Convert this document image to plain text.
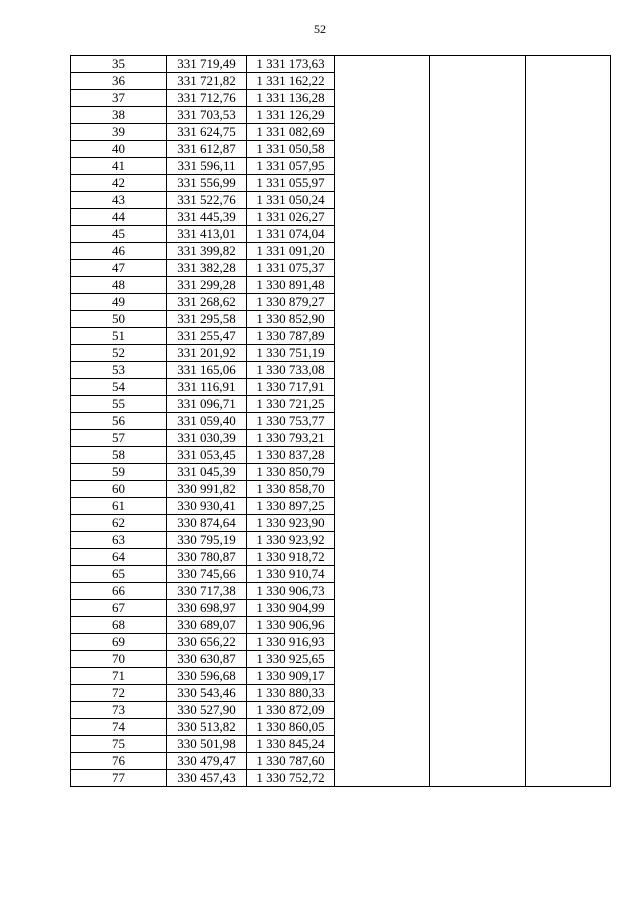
52
35	331 719,49	1 331 173,63			
36	331 721,82	1 331 162,22			
37	331 712,76	1 331 136,28			
38	331 703,53	1 331 126,29			
39	331 624,75	1 331 082,69			
40	331 612,87	1 331 050,58			
41	331 596,11	1 331 057,95			
42	331 556,99	1 331 055,97			
43	331 522,76	1 331 050,24			
44	331 445,39	1 331 026,27			
45	331 413,01	1 331 074,04			
46	331 399,82	1 331 091,20			
47	331 382,28	1 331 075,37			
48	331 299,28	1 330 891,48			
49	331 268,62	1 330 879,27			
50	331 295,58	1 330 852,90			
51	331 255,47	1 330 787,89			
52	331 201,92	1 330 751,19			
53	331 165,06	1 330 733,08			
54	331 116,91	1 330 717,91			
55	331 096,71	1 330 721,25			
56	331 059,40	1 330 753,77			
57	331 030,39	1 330 793,21			
58	331 053,45	1 330 837,28			
59	331 045,39	1 330 850,79			
60	330 991,82	1 330 858,70			
61	330 930,41	1 330 897,25			
62	330 874,64	1 330 923,90			
63	330 795,19	1 330 923,92			
64	330 780,87	1 330 918,72			
65	330 745,66	1 330 910,74			
66	330 717,38	1 330 906,73			
67	330 698,97	1 330 904,99			
68	330 689,07	1 330 906,96			
69	330 656,22	1 330 916,93			
70	330 630,87	1 330 925,65			
71	330 596,68	1 330 909,17			
72	330 543,46	1 330 880,33			
73	330 527,90	1 330 872,09			
74	330 513,82	1 330 860,05			
75	330 501,98	1 330 845,24			
76	330 479,47	1 330 787,60			
77	330 457,43	1 330 752,72			
